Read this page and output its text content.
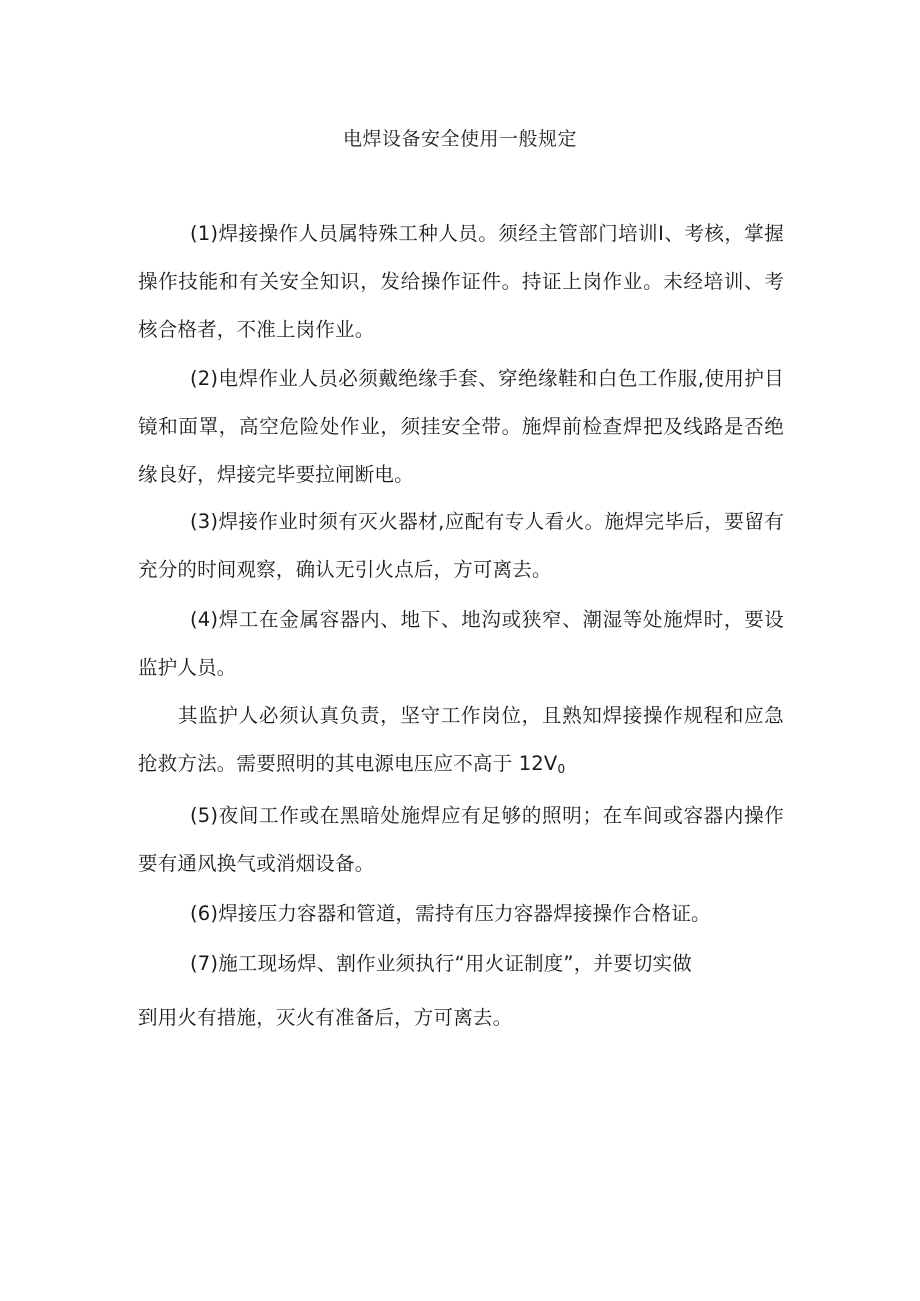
电焊设备安全使用一般规定

(1)焊接操作人员属特殊工种人员。须经主管部门培训I、考核，掌握操作技能和有关安全知识，发给操作证件。持证上岗作业。未经培训、考核合格者，不准上岗作业。

(2)电焊作业人员必须戴绝缘手套、穿绝缘鞋和白色工作服,使用护目镜和面罩，高空危险处作业，须挂安全带。施焊前检查焊把及线路是否绝缘良好，焊接完毕要拉闸断电。

(3)焊接作业时须有灭火器材,应配有专人看火。施焊完毕后，要留有充分的时间观察，确认无引火点后，方可离去。

(4)焊工在金属容器内、地下、地沟或狭窄、潮湿等处施焊时，要设监护人员。

其监护人必须认真负责，坚守工作岗位，且熟知焊接操作规程和应急抢救方法。需要照明的其电源电压应不高于 $12V_0$

(5)夜间工作或在黑暗处施焊应有足够的照明；在车间或容器内操作要有通风换气或消烟设备。

(6)焊接压力容器和管道，需持有压力容器焊接操作合格证。

(7)施工现场焊、割作业须执行“用火证制度”，并要切实做

到用火有措施，灭火有准备后，方可离去。
